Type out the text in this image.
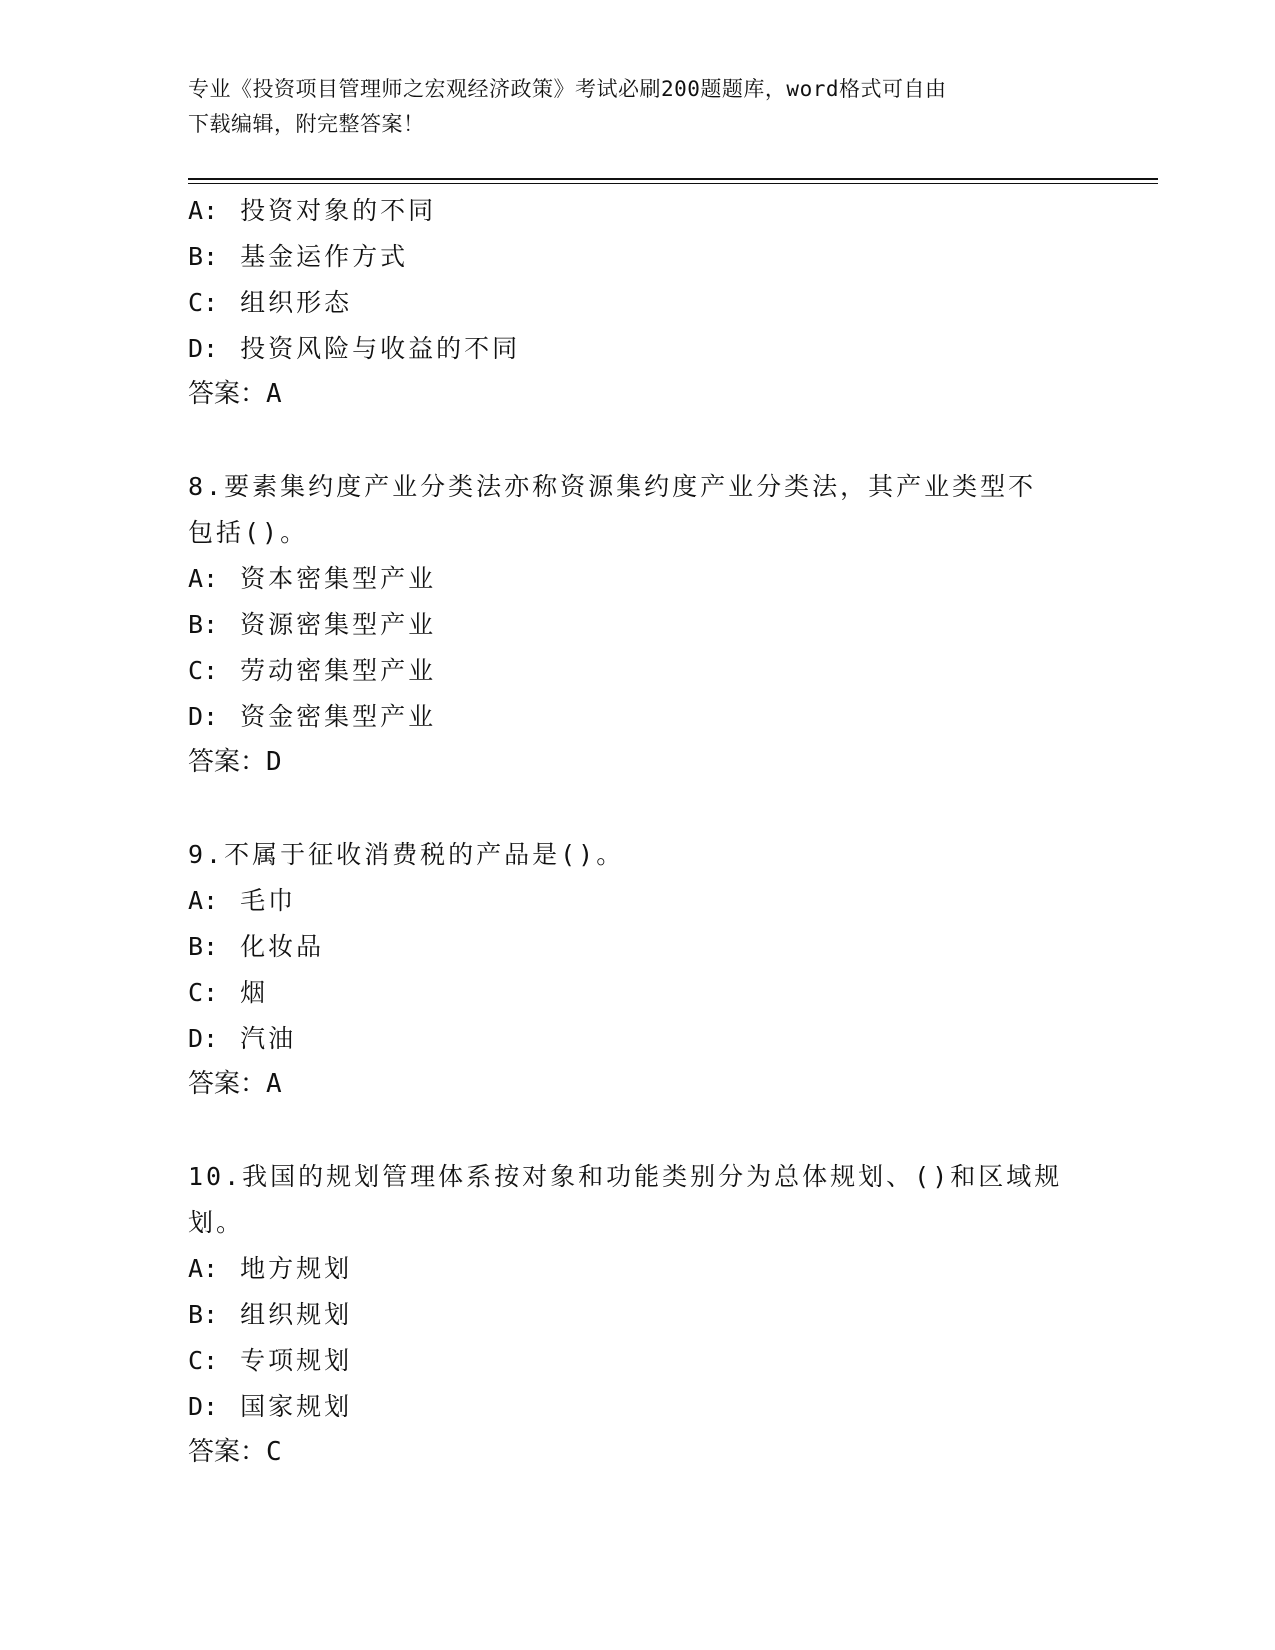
专业《投资项目管理师之宏观经济政策》考试必刷200题题库，word格式可自由
下载编辑，附完整答案！
A: 投资对象的不同
B: 基金运作方式
C: 组织形态
D: 投资风险与收益的不同
答案：A
8.要素集约度产业分类法亦称资源集约度产业分类法，其产业类型不
包括()。
A: 资本密集型产业
B: 资源密集型产业
C: 劳动密集型产业
D: 资金密集型产业
答案：D
9.不属于征收消费税的产品是()。
A: 毛巾
B: 化妆品
C: 烟
D: 汽油
答案：A
10.我国的规划管理体系按对象和功能类别分为总体规划、()和区域规
划。
A: 地方规划
B: 组织规划
C: 专项规划
D: 国家规划
答案：C
